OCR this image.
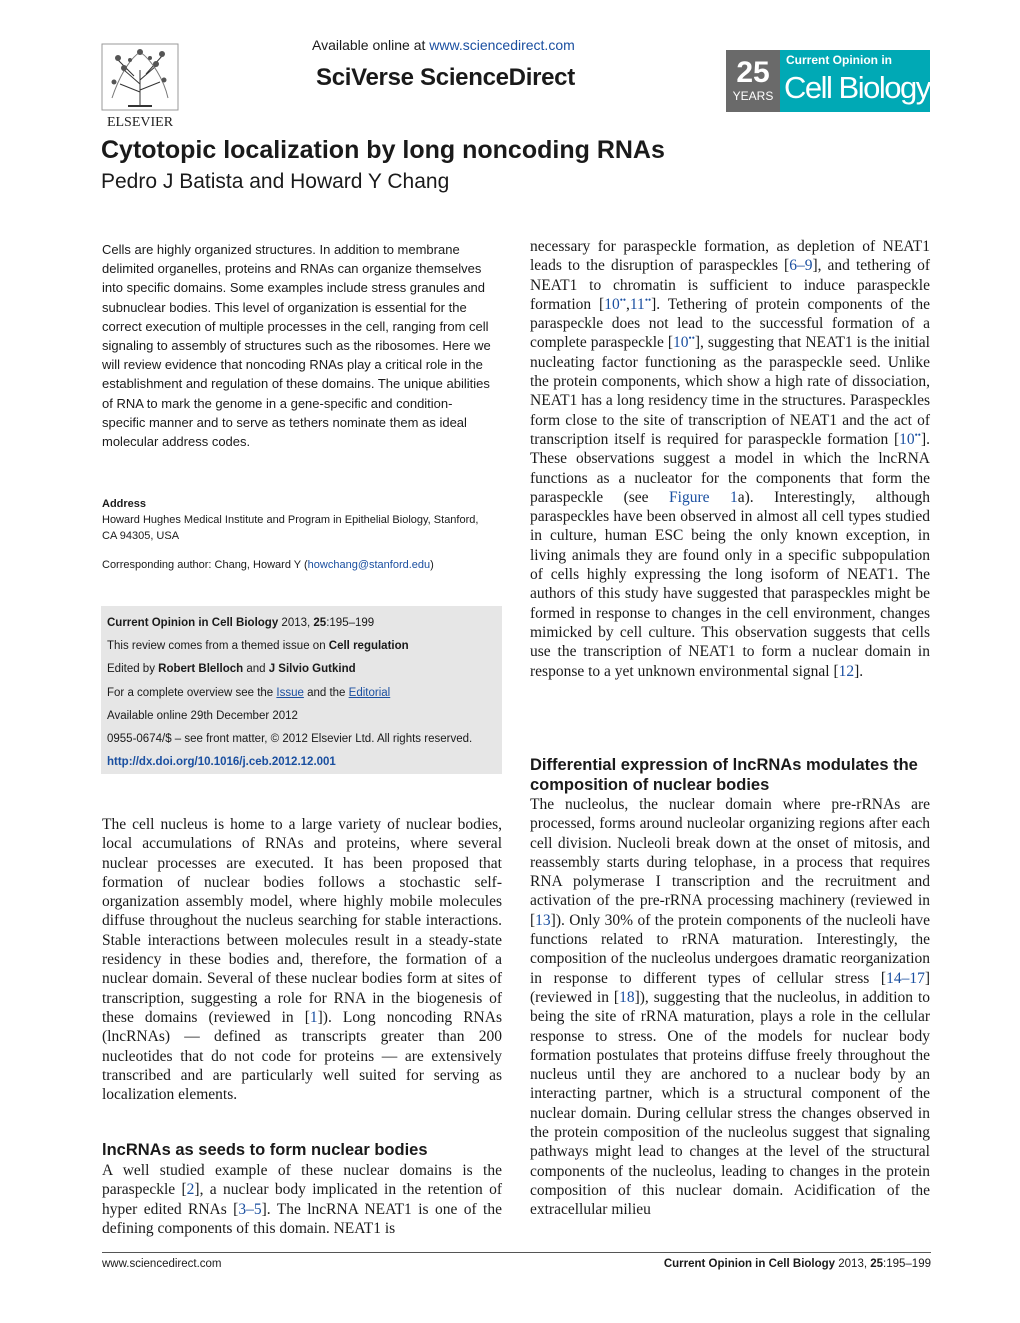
ELSEVIER
Available online at www.sciencedirect.com
SciVerse ScienceDirect	25
YEARS
Current Opinion in
Cell Biology
Cytotopic localization by long noncoding RNAs
Pedro J Batista and Howard Y Chang
Cells are highly organized structures. In addition to membrane delimited organelles, proteins and RNAs can organize themselves into specific domains. Some examples include stress granules and subnuclear bodies. This level of organization is essential for the correct execution of multiple processes in the cell, ranging from cell signaling to assembly of structures such as the ribosomes. Here we will review evidence that noncoding RNAs play a critical role in the establishment and regulation of these domains. The unique abilities of RNA to mark the genome in a gene-specific and condition-specific manner and to serve as tethers nominate them as ideal molecular address codes.
Address
Howard Hughes Medical Institute and Program in Epithelial Biology, Stanford, CA 94305, USA
Corresponding author: Chang, Howard Y (howchang@stanford.edu)
Current Opinion in Cell Biology 2013, 25:195–199
This review comes from a themed issue on Cell regulation
Edited by Robert Blelloch and J Silvio Gutkind
For a complete overview see the Issue and the Editorial
Available online 29th December 2012
0955-0674/$ – see front matter, © 2012 Elsevier Ltd. All rights reserved.
http://dx.doi.org/10.1016/j.ceb.2012.12.001
The cell nucleus is home to a large variety of nuclear bodies, local accumulations of RNAs and proteins, where several nuclear processes are executed. It has been proposed that formation of nuclear bodies follows a stochastic self-organization assembly model, where highly mobile molecules diffuse throughout the nucleus searching for stable interactions. Stable interactions between molecules result in a steady-state residency in these bodies and, therefore, the formation of a nuclear domain. Several of these nuclear bodies form at sites of transcription, suggesting a role for RNA in the biogenesis of these domains (reviewed in [1]). Long noncoding RNAs (lncRNAs) — defined as transcripts greater than 200 nucleotides that do not code for proteins — are extensively transcribed and are particularly well suited for serving as localization elements.
lncRNAs as seeds to form nuclear bodies
A well studied example of these nuclear domains is the paraspeckle [2], a nuclear body implicated in the retention of hyper edited RNAs [3–5]. The lncRNA NEAT1 is one of the defining components of this domain. NEAT1 is
necessary for paraspeckle formation, as depletion of NEAT1 leads to the disruption of paraspeckles [6–9], and tethering of NEAT1 to chromatin is sufficient to induce paraspeckle formation [10••,11••]. Tethering of protein components of the paraspeckle does not lead to the successful formation of a complete paraspeckle [10••], suggesting that NEAT1 is the initial nucleating factor functioning as the paraspeckle seed. Unlike the protein components, which show a high rate of dissociation, NEAT1 has a long residency time in the structures. Paraspeckles form close to the site of transcription of NEAT1 and the act of transcription itself is required for paraspeckle formation [10••]. These observations suggest a model in which the lncRNA functions as a nucleator for the components that form the paraspeckle (see Figure 1a). Interestingly, although paraspeckles have been observed in almost all cell types studied in culture, human ESC being the only known exception, in living animals they are found only in a specific subpopulation of cells highly expressing the long isoform of NEAT1. The authors of this study have suggested that paraspeckles might be formed in response to changes in the cell environment, changes mimicked by cell culture. This observation suggests that cells use the transcription of NEAT1 to form a nuclear domain in response to a yet unknown environmental signal [12].
Differential expression of lncRNAs modulates the composition of nuclear bodies
The nucleolus, the nuclear domain where pre-rRNAs are processed, forms around nucleolar organizing regions after each cell division. Nucleoli break down at the onset of mitosis, and reassembly starts during telophase, in a process that requires RNA polymerase I transcription and the recruitment and activation of the pre-rRNA processing machinery (reviewed in [13]). Only 30% of the protein components of the nucleoli have functions related to rRNA maturation. Interestingly, the composition of the nucleolus undergoes dramatic reorganization in response to different types of cellular stress [14–17] (reviewed in [18]), suggesting that the nucleolus, in addition to being the site of rRNA maturation, plays a role in the cellular response to stress. One of the models for nuclear body formation postulates that proteins diffuse freely throughout the nucleus until they are anchored to a nuclear body by an interacting partner, which is a structural component of the nuclear domain. During cellular stress the changes observed in the protein composition of the nucleolus suggest that signaling pathways might lead to changes at the level of the structural components of the nucleolus, leading to changes in the protein composition of this nuclear domain. Acidification of the extracellular milieu
www.sciencedirect.com	Current Opinion in Cell Biology 2013, 25:195–199
